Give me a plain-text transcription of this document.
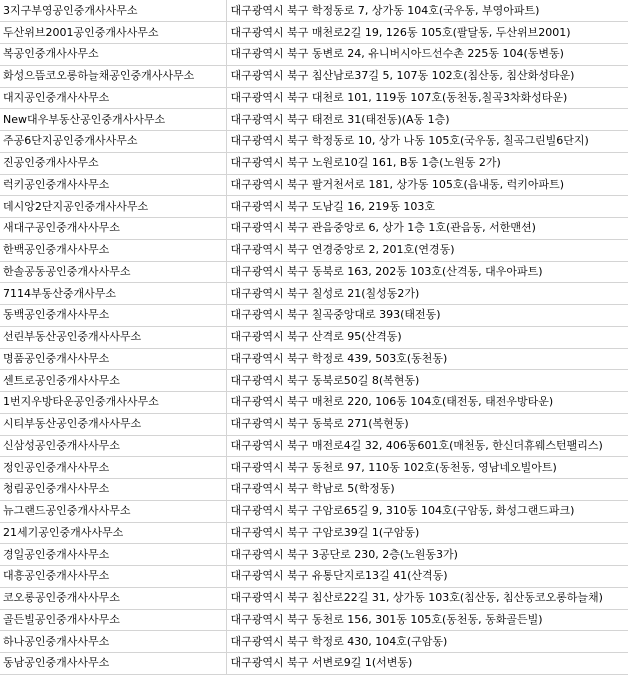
3지구부영공인중개사사무소	대구광역시 북구 학정동로 7, 상가동 104호(국우동, 부영아파트)
두산위브2001공인중개사사무소	대구광역시 북구 매천로2길 19, 126동 105호(팔달동, 두산위브2001)
복공인중개사사무소	대구광역시 북구 동변로 24, 유니버시아드선수촌 225동 104(동변동)
화성으뜸코오롱하늘채공인중개사사무소	대구광역시 북구 침산남로37길 5, 107동 102호(침산동, 침산화성타운)
대지공인중개사사무소	대구광역시 북구 대천로 101, 119동 107호(동천동,칠곡3차화성타운)
New대우부동산공인중개사사무소	대구광역시 북구 태전로 31(태전동)(A동 1층)
주공6단지공인중개사사무소	대구광역시 북구 학정동로 10, 상가 나동 105호(국우동, 칠곡그린빌6단지)
진공인중개사사무소	대구광역시 북구 노원로10길 161, B동 1층(노원동 2가)
럭키공인중개사사무소	대구광역시 북구 팔거천서로 181, 상가동 105호(읍내동, 럭키아파트)
데시앙2단지공인중개사사무소	대구광역시 북구 도남길 16, 219동 103호
새대구공인중개사사무소	대구광역시 북구 관음중앙로 6, 상가 1층 1호(관음동, 서한맨션)
한백공인중개사사무소	대구광역시 북구 연경중앙로 2, 201호(연경동)
한솔공동공인중개사사무소	대구광역시 북구 동북로 163, 202동 103호(산격동, 대우아파트)
7114부동산중개사무소	대구광역시 북구 칠성로 21(칠성동2가)
동백공인중개사사무소	대구광역시 북구 칠곡중앙대로 393(태전동)
선린부동산공인중개사사무소	대구광역시 북구 산격로 95(산격동)
명품공인중개사사무소	대구광역시 북구 학정로 439, 503호(동천동)
센트로공인중개사사무소	대구광역시 북구 동북로50길 8(복현동)
1번지우방타운공인중개사사무소	대구광역시 북구 매천로 220, 106동 104호(태전동, 태전우방타운)
시티부동산공인중개사사무소	대구광역시 북구 동북로 271(복현동)
신삼성공인중개사사무소	대구광역시 북구 매전로4길 32, 406동601호(매천동, 한신더휴웨스턴팰리스)
정인공인중개사사무소	대구광역시 북구 동천로 97, 110동 102호(동천동, 영남네오빌아트)
청림공인중개사사무소	대구광역시 북구 학남로 5(학정동)
뉴그랜드공인중개사사무소	대구광역시 북구 구암로65길 9, 310동 104호(구암동, 화성그랜드파크)
21세기공인중개사사무소	대구광역시 북구 구암로39길 1(구암동)
경일공인중개사사무소	대구광역시 북구 3공단로 230, 2층(노원동3가)
대흥공인중개사사무소	대구광역시 북구 유통단지로13길 41(산격동)
코오롱공인중개사사무소	대구광역시 북구 침산로22길 31, 상가동 103호(침산동, 침산동코오롱하늘채)
골든빌공인중개사사무소	대구광역시 북구 동천로 156, 301동 105호(동천동, 동화골든빌)
하나공인중개사사무소	대구광역시 북구 학정로 430, 104호(구암동)
동남공인중개사사무소	대구광역시 북구 서변로9길 1(서변동)
